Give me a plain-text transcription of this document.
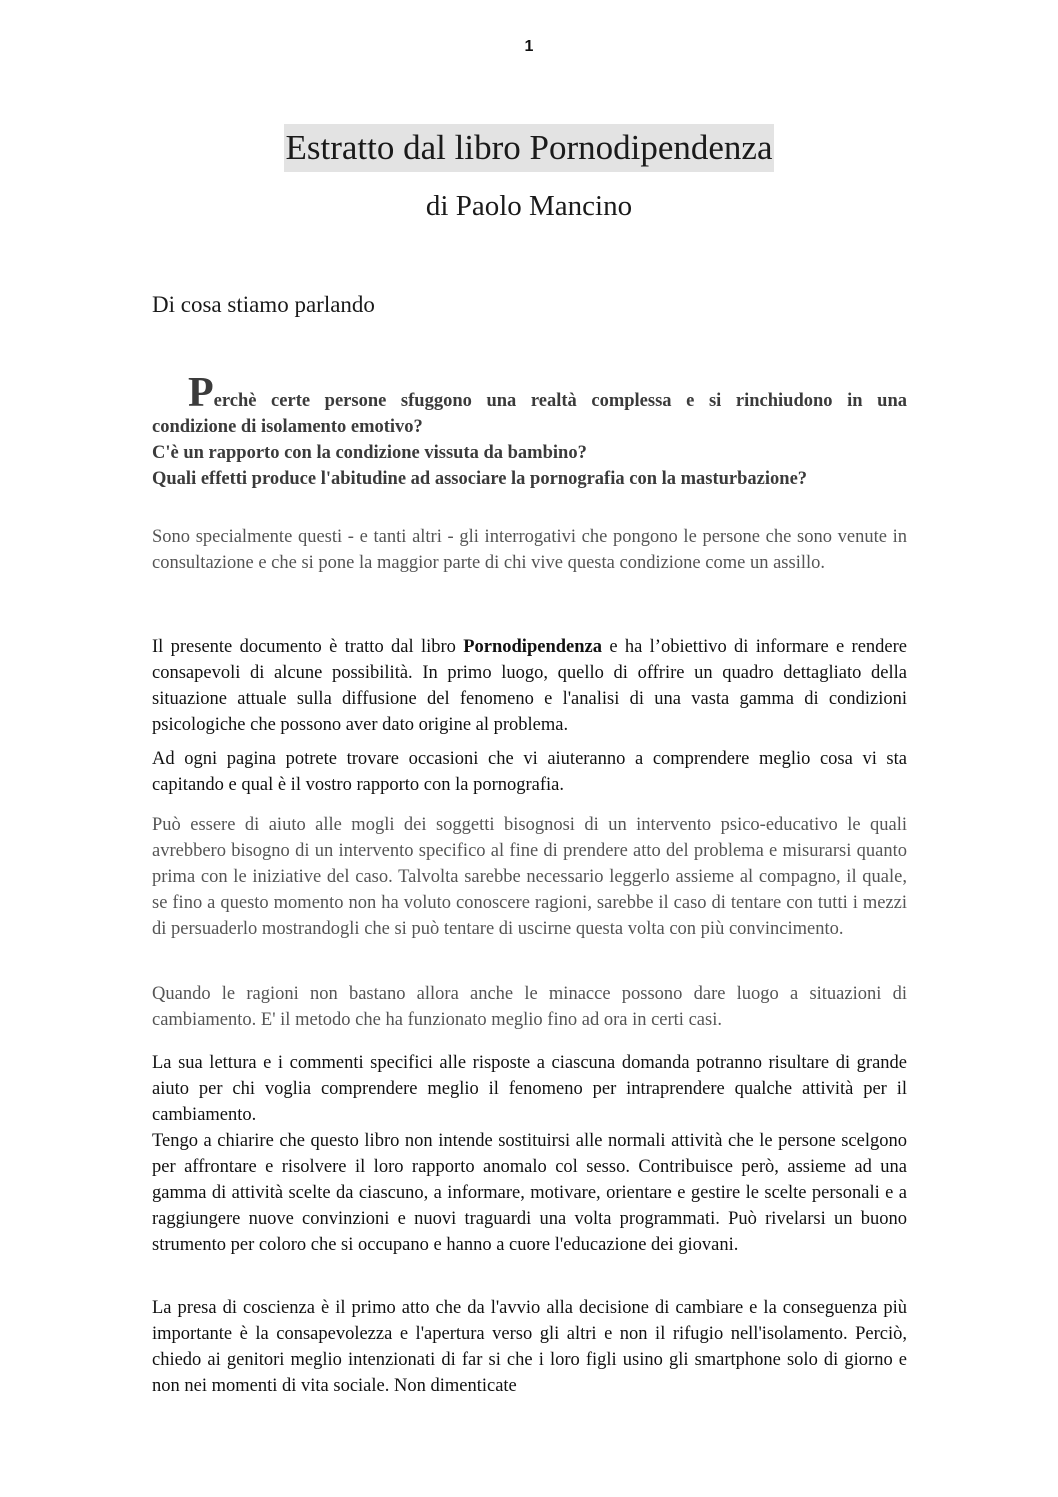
1
Estratto dal libro Pornodipendenza
di Paolo Mancino
Di cosa stiamo parlando
Perchè certe persone sfuggono una realtà complessa e si rinchiudono in una
condizione di isolamento emotivo?
C'è un rapporto con la condizione vissuta da bambino?
Quali effetti produce l'abitudine ad associare la pornografia con la masturbazione?

Sono specialmente questi - e tanti altri - gli interrogativi che pongono le persone che sono venute in consultazione e che si pone la maggior parte di chi vive questa condizione come un assillo.

Il presente documento è tratto dal libro Pornodipendenza e ha l’obiettivo di informare e rendere consapevoli di alcune possibilità. In primo luogo, quello di offrire un quadro dettagliato della situazione attuale sulla diffusione del fenomeno e l'analisi di una vasta gamma di condizioni psicologiche che possono aver dato origine al problema.

Ad ogni pagina potrete trovare occasioni che vi aiuteranno a comprendere meglio cosa vi sta capitando e qual è il vostro rapporto con la pornografia.

Può essere di aiuto alle mogli dei soggetti bisognosi di un intervento psico-educativo le quali avrebbero bisogno di un intervento specifico al fine di prendere atto del problema e misurarsi quanto prima con le iniziative del caso. Talvolta sarebbe necessario leggerlo assieme al compagno, il quale, se fino a questo momento non ha voluto conoscere ragioni, sarebbe il caso di tentare con tutti i mezzi di persuaderlo mostrandogli che si può tentare di uscirne questa volta con più convincimento.

Quando le ragioni non bastano allora anche le minacce possono dare luogo a situazioni di cambiamento. E' il metodo che ha funzionato meglio fino ad ora in certi casi.

La sua lettura e i commenti specifici alle risposte a ciascuna domanda potranno risultare di grande aiuto per chi voglia comprendere meglio il fenomeno per intraprendere qualche attività per il cambiamento.

Tengo a chiarire che questo libro non intende sostituirsi alle normali attività che le persone scelgono per affrontare e risolvere il loro rapporto anomalo col sesso. Contribuisce però, assieme ad una gamma di attività scelte da ciascuno, a informare, motivare, orientare e gestire le scelte personali e a raggiungere nuove convinzioni e nuovi traguardi una volta programmati. Può rivelarsi un buono strumento per coloro che si occupano e hanno a cuore l'educazione dei giovani.

La presa di coscienza è il primo atto che da l'avvio alla decisione di cambiare e la conseguenza più importante è la consapevolezza e l'apertura verso gli altri e non il rifugio nell'isolamento. Perciò, chiedo ai genitori meglio intenzionati di far si che i loro figli usino gli smartphone solo di giorno e non nei momenti di vita sociale. Non dimenticate
